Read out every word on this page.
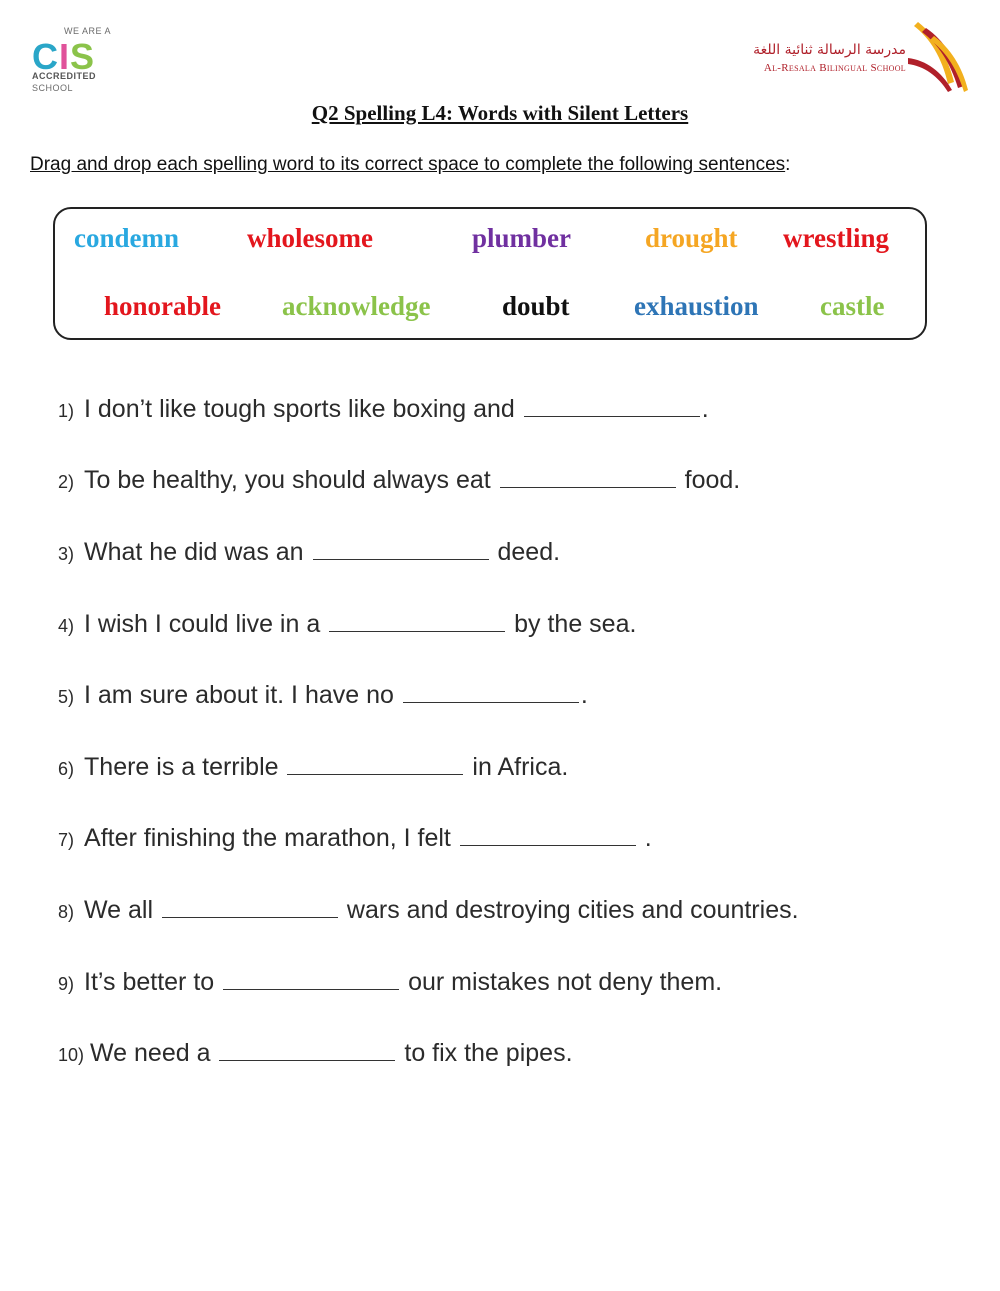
WE ARE A
CIS
ACCREDITED
SCHOOL
مدرسة الرسالة ثنائية اللغة
Al-Resala Bilingual School
Q2 Spelling L4: Words with Silent Letters
Drag and drop each spelling word to its correct space to complete the following sentences:
condemn	wholesome	plumber	drought wrestling
honorable acknowledge	doubt exhaustion castle
1) I don’t like tough sports like boxing and	.
2) To be healthy, you should always eat	food.
3) What he did was an	deed.
4) I wish I could live in a	by the sea.
5) I am sure about it. I have no	.
6) There is a terrible	in Africa.
7) After finishing the marathon, I felt	.
8) We all	wars and destroying cities and countries.
9) It’s better to	our mistakes not deny them.
10) We need a	to fix the pipes.
